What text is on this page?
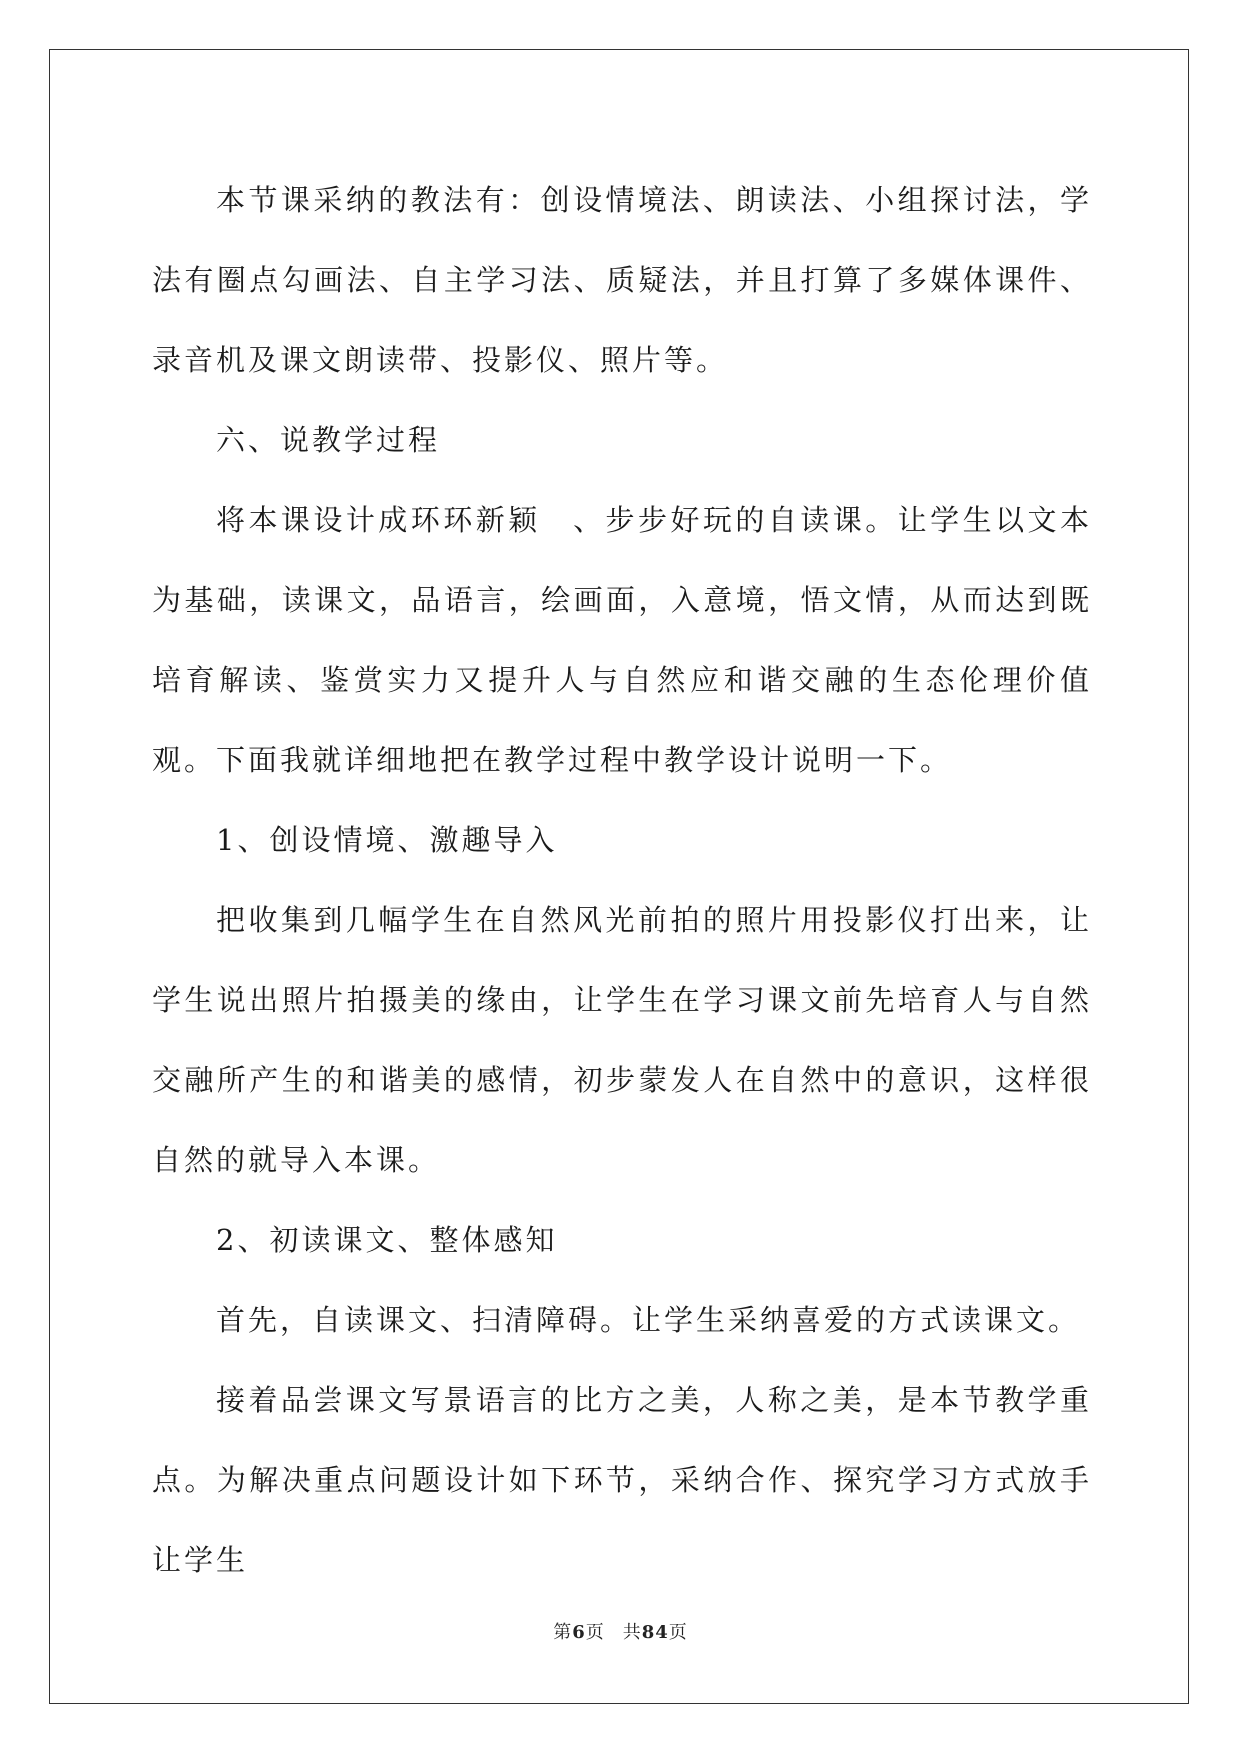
本节课采纳的教法有：创设情境法、朗读法、小组探讨法，学法有圈点勾画法、自主学习法、质疑法，并且打算了多媒体课件、录音机及课文朗读带、投影仪、照片等。

六、说教学过程

将本课设计成环环新颖　、步步好玩的自读课。让学生以文本为基础，读课文，品语言，绘画面，入意境，悟文情，从而达到既培育解读、鉴赏实力又提升人与自然应和谐交融的生态伦理价值观。下面我就详细地把在教学过程中教学设计说明一下。

1、创设情境、激趣导入

把收集到几幅学生在自然风光前拍的照片用投影仪打出来，让学生说出照片拍摄美的缘由，让学生在学习课文前先培育人与自然交融所产生的和谐美的感情，初步蒙发人在自然中的意识，这样很自然的就导入本课。

2、初读课文、整体感知

首先，自读课文、扫清障碍。让学生采纳喜爱的方式读课文。

接着品尝课文写景语言的比方之美，人称之美，是本节教学重点。为解决重点问题设计如下环节，采纳合作、探究学习方式放手让学生

第6页 共84页
